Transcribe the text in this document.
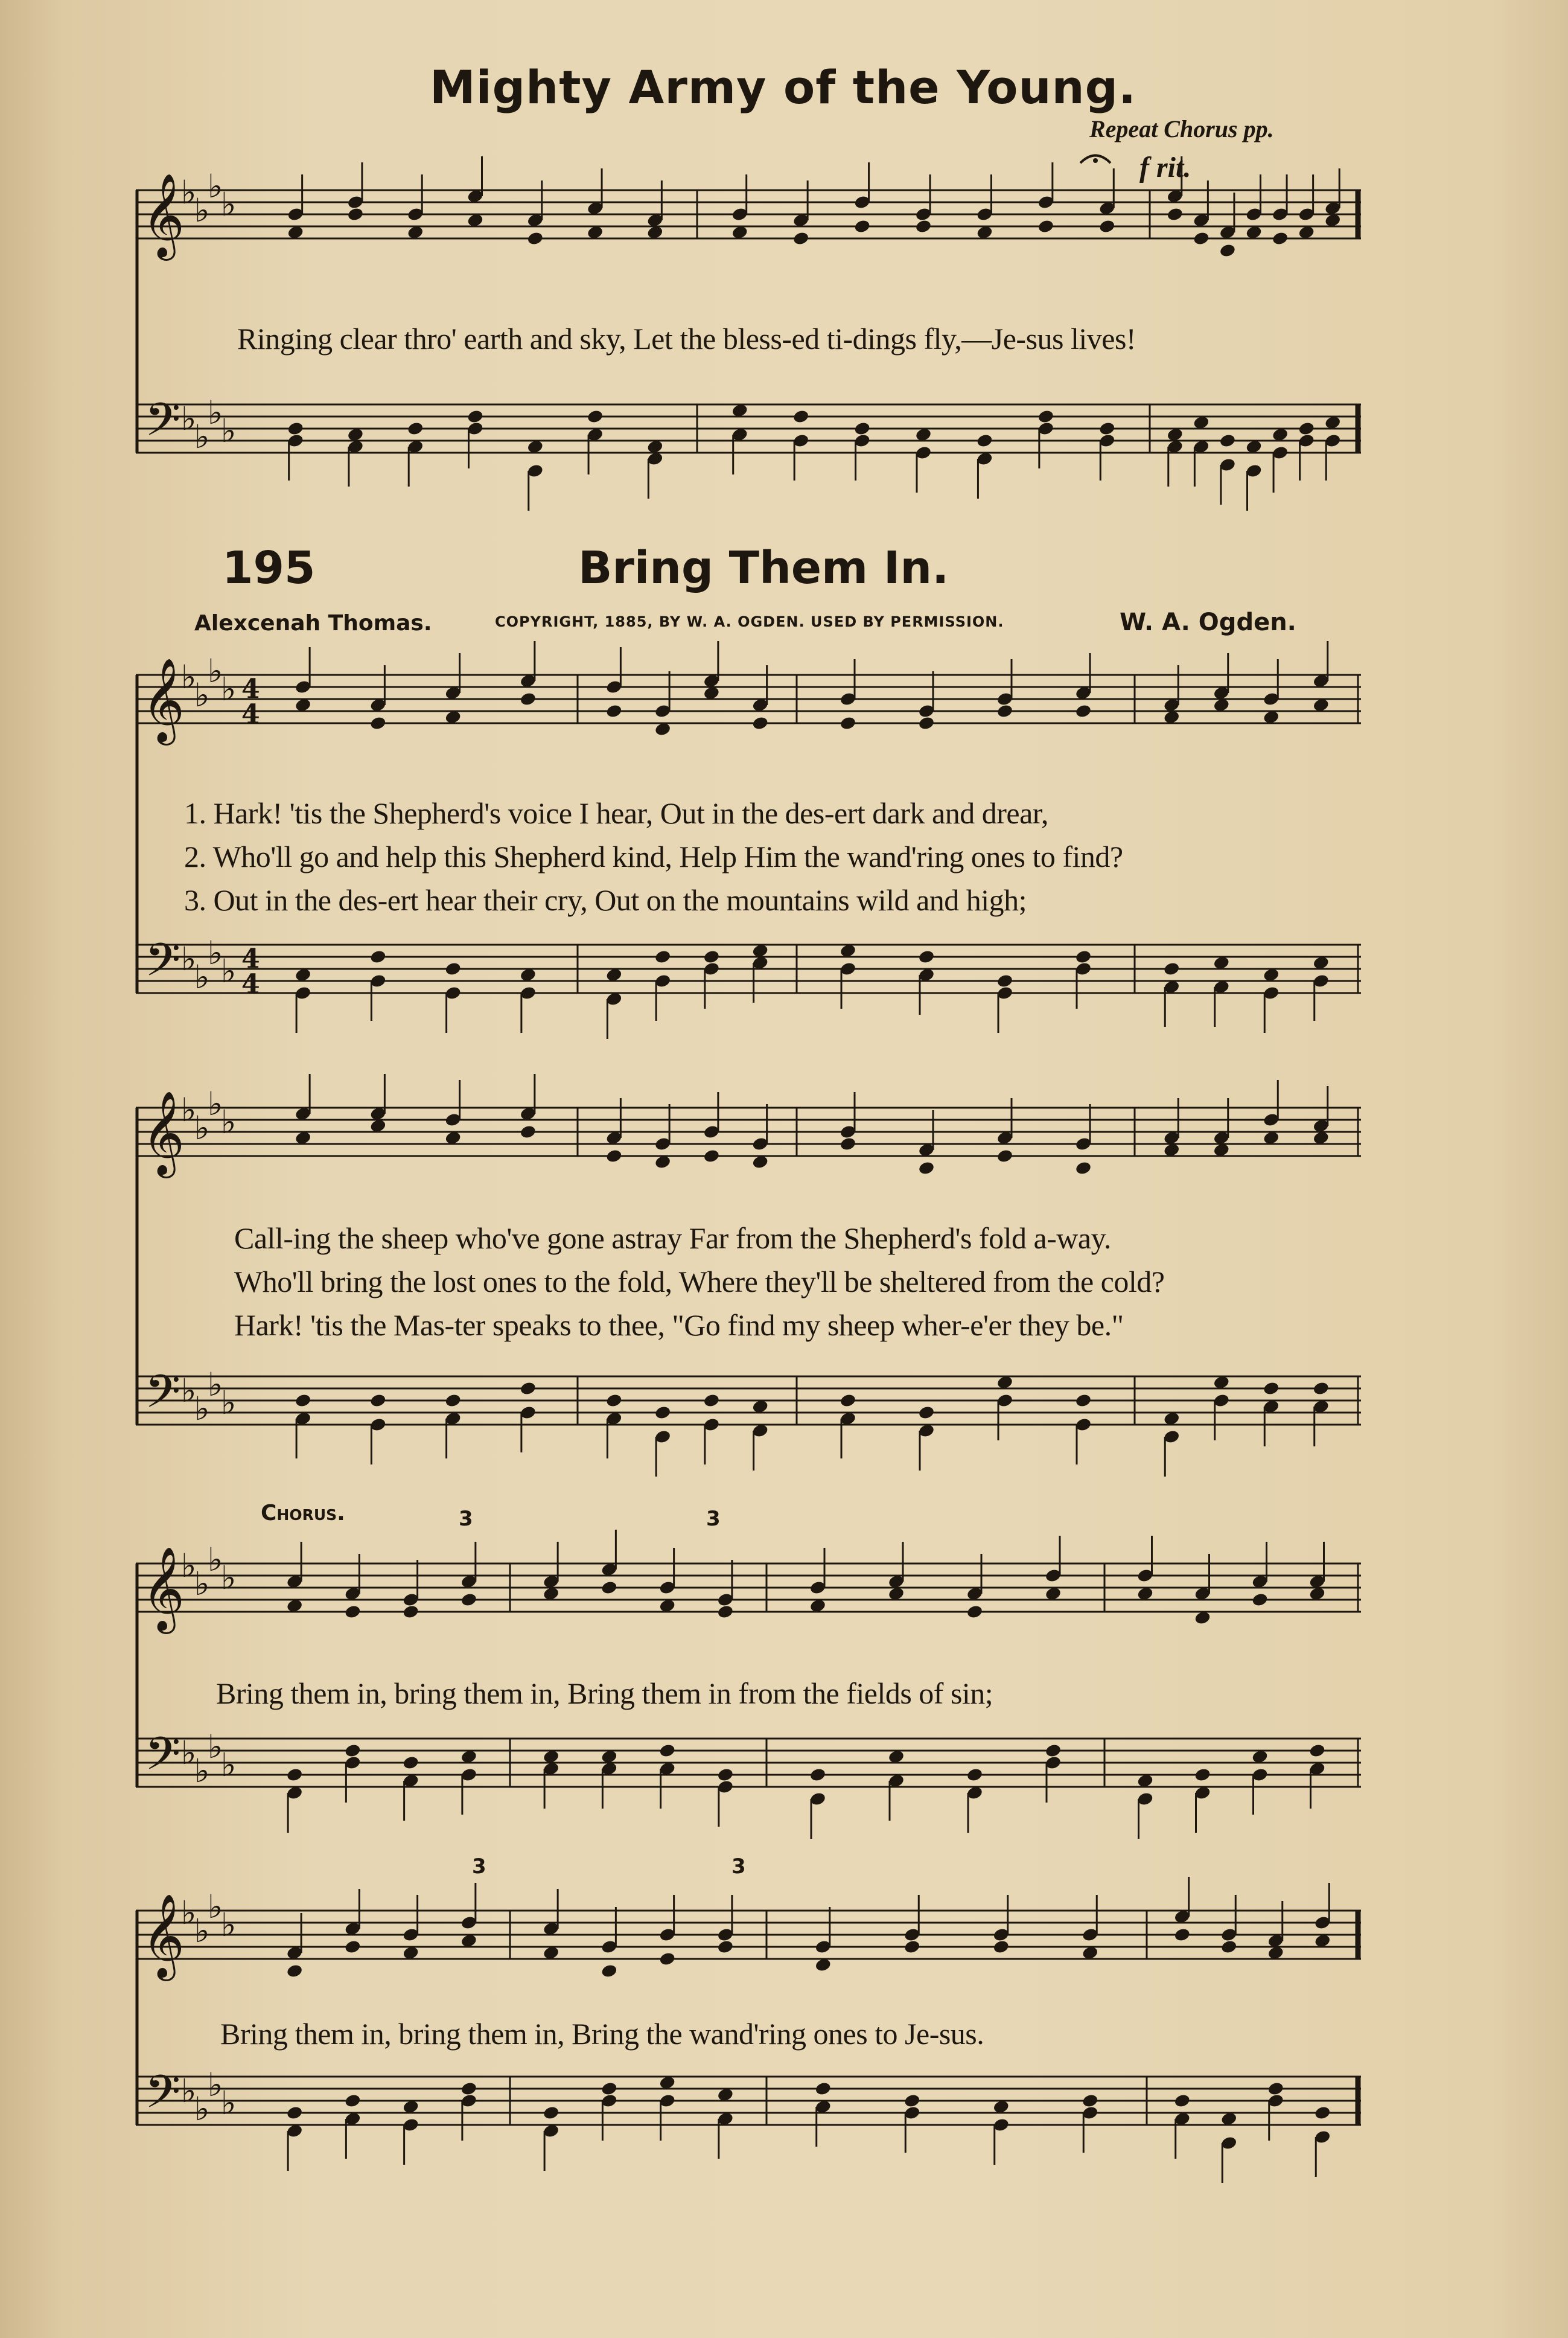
𝄞
𝄢
♭
♭
♭
♭
♭
♭
♭
♭
𝄞
𝄢
♭
♭
♭
♭
♭
♭
♭
♭
4
4
4
4
𝄞
𝄢
♭
♭
♭
♭
♭
♭
♭
♭
𝄞
𝄢
♭
♭
♭
♭
♭
♭
♭
♭
𝄞
𝄢
♭
♭
♭
♭
♭
♭
♭
♭
Mighty Army of the Young.
Repeat Chorus pp.
f rit.
Ringing clear thro' earth and sky, Let the bless-ed ti-dings fly,—Je-sus lives!
195	Bring Them In.
Alexcenah Thomas.	COPYRIGHT, 1885, BY W. A. OGDEN. USED BY PERMISSION.	W. A. Ogden.
1. Hark! 'tis the Shepherd's voice I hear, Out in the des-ert dark and drear,
2. Who'll go and help this Shepherd kind, Help Him the wand'ring ones to find?
3. Out in the des-ert hear their cry, Out on the mountains wild and high;
Call-ing the sheep who've gone astray Far from the Shepherd's fold a-way.
Who'll bring the lost ones to the fold, Where they'll be sheltered from the cold?
Hark! 'tis the Mas-ter speaks to thee, "Go find my sheep wher-e'er they be."
Chorus.	3	3
Bring them in, bring them in, Bring them in from the fields of sin;
3	3
Bring them in, bring them in, Bring the wand'ring ones to Je-sus.
